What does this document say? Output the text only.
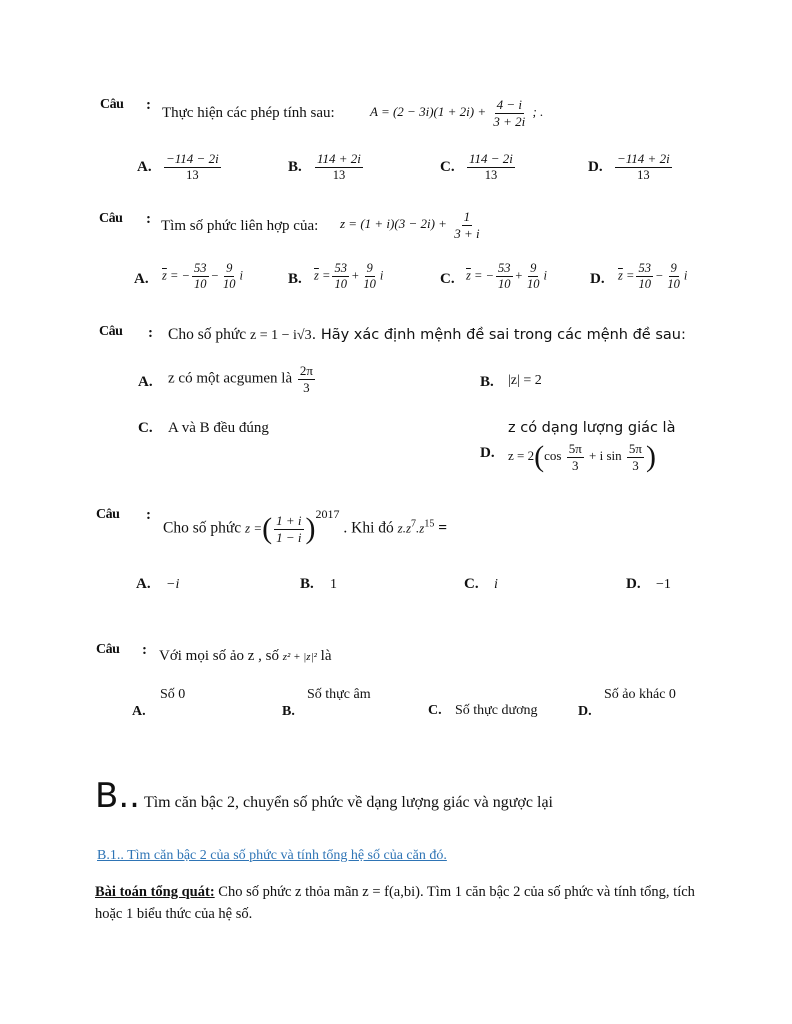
Câu : Thực hiện các phép tính sau:	$A = (2 - 3i)(1 + 2i) + \frac{4 - i}{3 + 2i}$ ; .
A. $\frac{-114 - 2i}{13}$	B. $\frac{114 + 2i}{13}$	C. $\frac{114 - 2i}{13}$	D. $\frac{-114 + 2i}{13}$
Câu : Tìm số phức liên hợp của: $z = (1 + i)(3 - 2i) + \frac{1}{3 + i}$
A. $\overline{z}$ = − $\frac{53}{10} - \frac{9}{10}$ i	B. $\overline{z} = \frac{53}{10} + \frac{9}{10}$ i	C. $\overline{z}$ = − $\frac{53}{10} + \frac{9}{10}$ i	D. $\overline{z} = \frac{53}{10} - \frac{9}{10}$ i
Câu : Cho số phức z = 1 − i√3. Hãy xác định mệnh đề sai trong các mệnh đề sau:
A. z có một acgumen là $\frac{2\pi}{3}$	B. |z| = 2
C. A và B đều đúng	z có dạng lượng giác là
D. $z = 2(\cos \frac{5\pi}{3} + i$ $\sin \frac{5\pi}{3}$ )
Câu :
Cho số phức z =( $\frac{1 + i}{1 - i} )^{2017}$ . Khi đó $z.z^7.z^{15}$ =
A. −i	B. 1	C. i	D. −1
Câu : Với mọi số ảo z , số z² + |z|² là
Số 0
A.
Số thực âm
B.	C. Số thực dương	D.
Số ảo khác 0
B.. Tìm căn bậc 2, chuyển số phức về dạng lượng giác và ngược lại
B.1.. Tìm căn bậc 2 của số phức và tính tổng hệ số của căn đó.
Bài toán tổng quát: Cho số phức z thỏa mãn z = f(a,bi). Tìm 1 căn bậc 2 của số phức và tính tổng, tích hoặc 1 biểu thức của hệ số.
